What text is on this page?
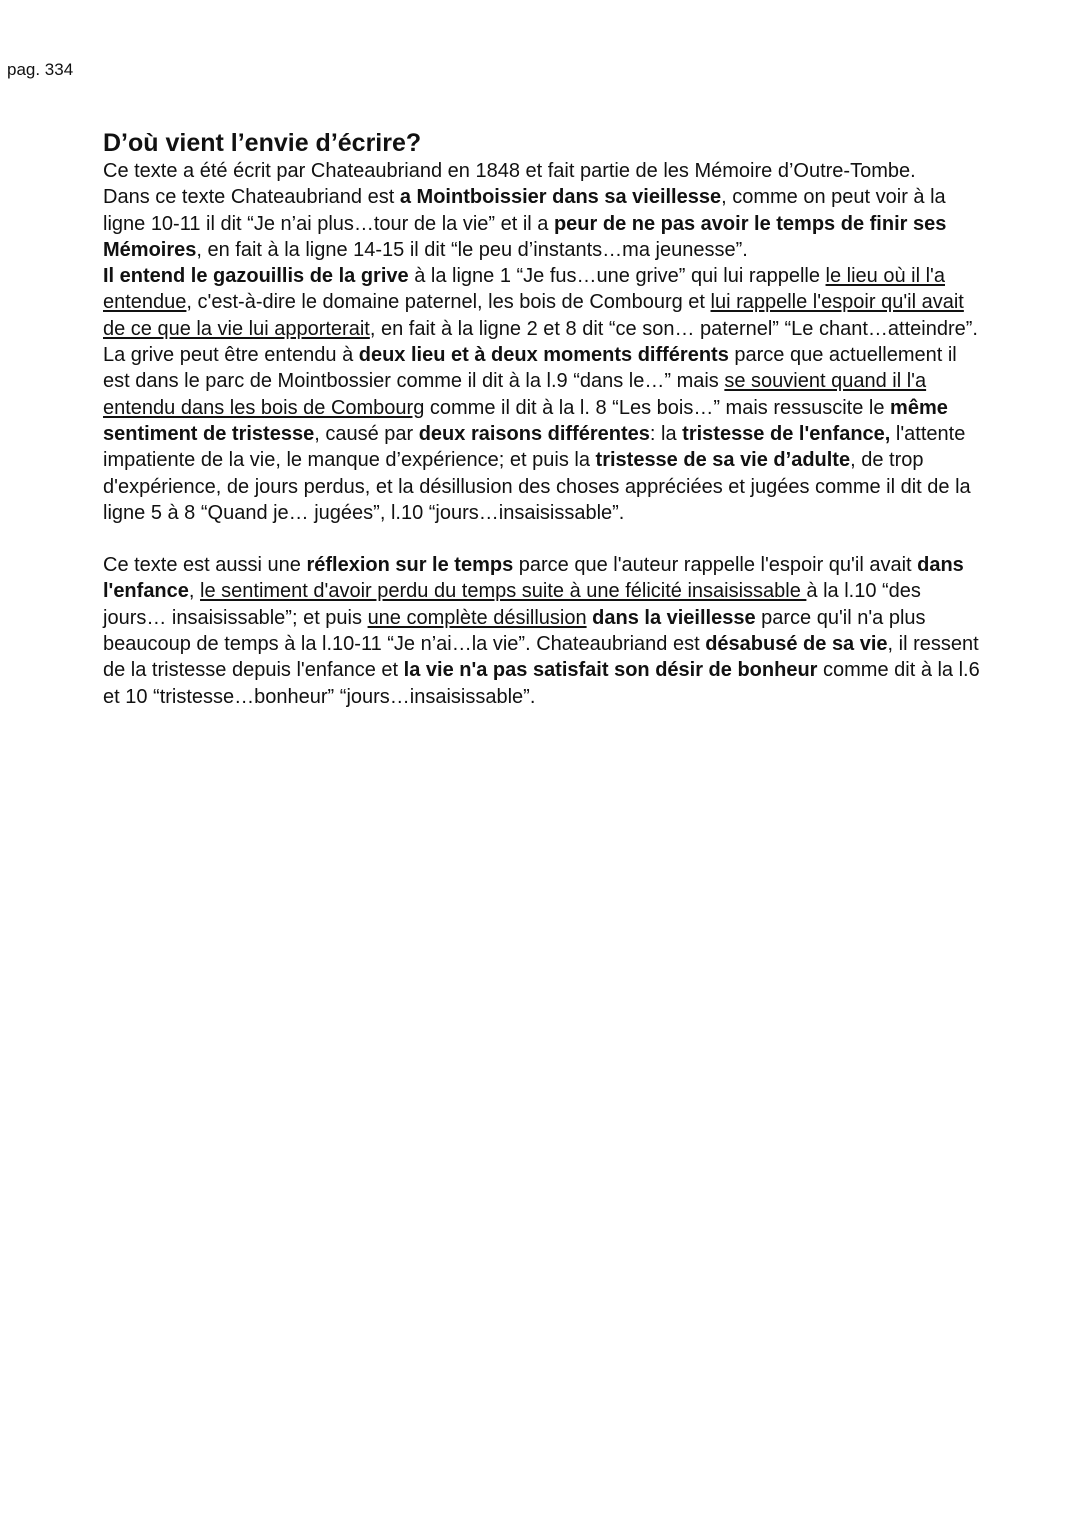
pag. 334
D’où vient l’envie d’écrire?

Ce texte a été écrit par Chateaubriand en 1848 et fait partie de les Mémoire d’Outre-Tombe.

Dans ce texte Chateaubriand est a Mointboissier dans sa vieillesse, comme on peut voir à la ligne 10-11 il dit “Je n’ai plus…tour de la vie” et il a peur de ne pas avoir le temps de finir ses Mémoires, en fait à la ligne 14-15 il dit “le peu d’instants…ma jeunesse”.

Il entend le gazouillis de la grive à la ligne 1 “Je fus…une grive” qui lui rappelle le lieu où il l'a entendue, c'est-à-dire le domaine paternel, les bois de Combourg et lui rappelle l'espoir qu'il avait de ce que la vie lui apporterait, en fait à la ligne 2 et 8 dit “ce son… paternel” “Le chant…atteindre”.

La grive peut être entendu à deux lieu et à deux moments différents parce que actuellement il est dans le parc de Mointbossier comme il dit à la l.9 “dans le…” mais se souvient quand il l'a entendu dans les bois de Combourg comme il dit à la l. 8 “Les bois…” mais ressuscite le même sentiment de tristesse, causé par deux raisons différentes: la tristesse de l'enfance, l'attente impatiente de la vie, le manque d’expérience; et puis la tristesse de sa vie d’adulte, de trop d'expérience, de jours perdus, et la désillusion des choses appréciées et jugées comme il dit de la ligne 5 à 8 “Quand je… jugées”, l.10 “jours…insaisissable”.

Ce texte est aussi une réflexion sur le temps parce que l'auteur rappelle l'espoir qu'il avait dans l'enfance, le sentiment d'avoir perdu du temps suite à une félicité insaisissable à la l.10 “des jours… insaisissable”; et puis une complète désillusion dans la vieillesse parce qu'il n'a plus beaucoup de temps à la l.10-11 “Je n’ai…la vie”. Chateaubriand est désabusé de sa vie, il ressent de la tristesse depuis l'enfance et la vie n'a pas satisfait son désir de bonheur comme dit à la l.6 et 10 “tristesse…bonheur” “jours…insaisissable”.
